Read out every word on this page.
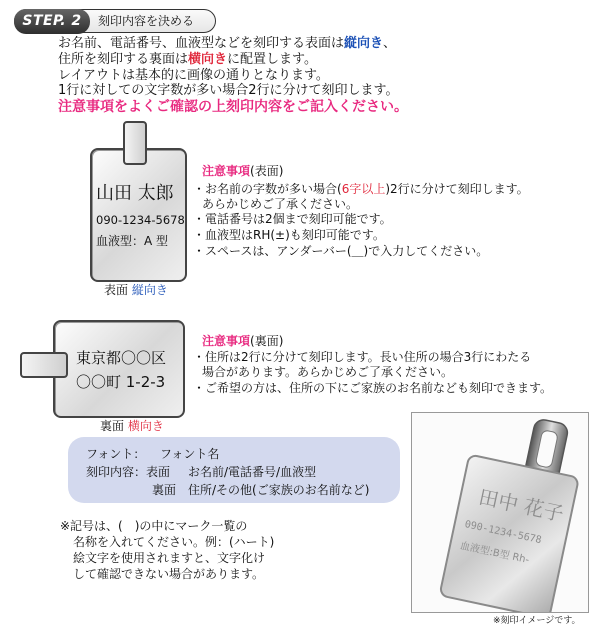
STEP. 2	刻印内容を決める
お名前、電話番号、血液型などを刻印する表面は縦向き、
住所を刻印する裏面は横向きに配置します。
レイアウトは基本的に画像の通りとなります。
1行に対しての文字数が多い場合2行に分けて刻印します。
注意事項をよくご確認の上刻印内容をご記入ください。
山田 太郎
090-1234-5678
血液型：A 型
表面 縦向き
注意事項(表面)
・お名前の字数が多い場合(6字以上)2行に分けて刻印します。
あらかじめご了承ください。
・電話番号は2個まで刻印可能です。
・血液型はRH(±)も刻印可能です。
・スペースは、アンダーバー(＿)で入力してください。
東京都〇〇区
〇〇町 1-2-3
裏面 横向き
注意事項(裏面)
・住所は2行に分けて刻印します。長い住所の場合3行にわたる
場合があります。あらかじめご了承ください。
・ご希望の方は、住所の下にご家族のお名前なども刻印できます。
フォント： フォント名
刻印内容：表面 お名前/電話番号/血液型
裏面 住所/その他(ご家族のお名前など)
※記号は、(　)の中にマーク一覧の
名称を入れてください。例：(ハート)
絵文字を使用されますと、文字化け
して確認できない場合があります。
田中 花子
090-1234-5678
血液型:B型 Rh-
※刻印イメージです。
